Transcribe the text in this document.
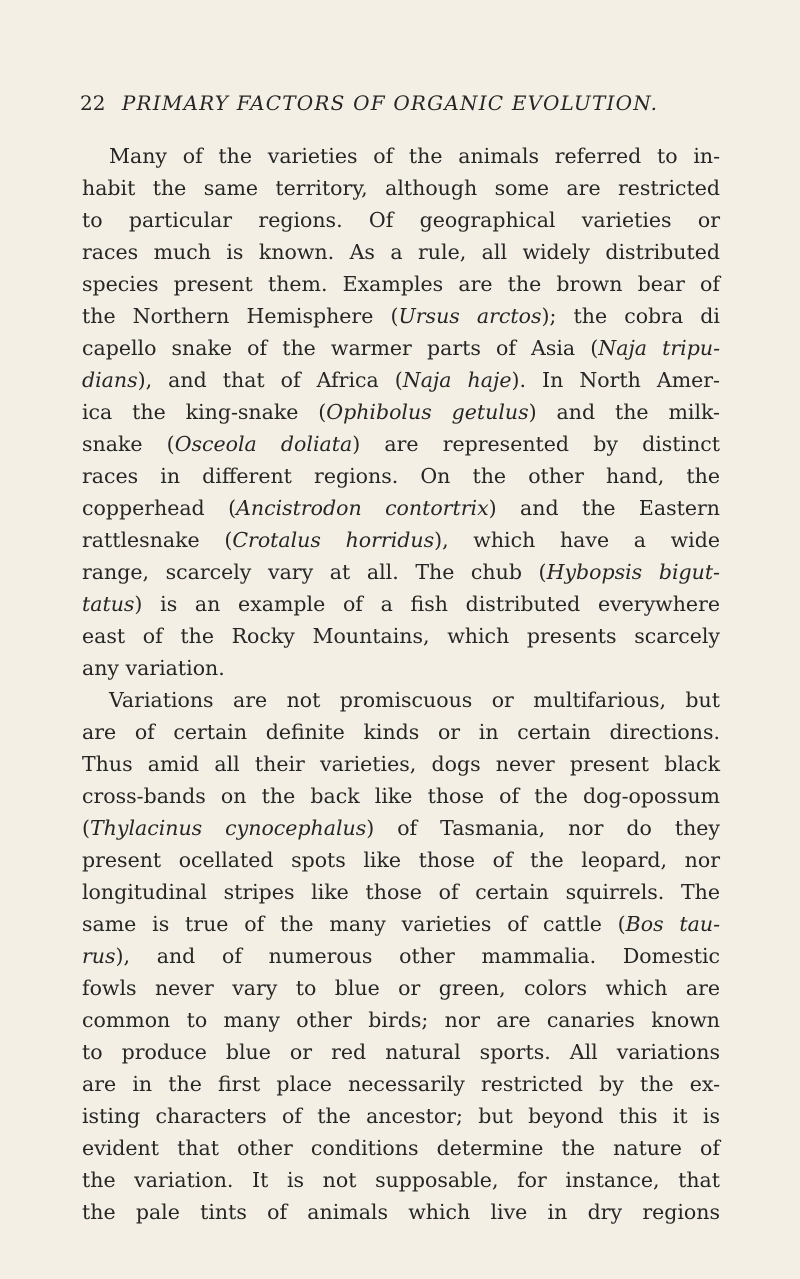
22 PRIMARY FACTORS OF ORGANIC EVOLUTION.
Many of the varieties of the animals referred to in-
habit the same territory, although some are restricted
to particular regions. Of geographical varieties or
races much is known. As a rule, all widely distributed
species present them. Examples are the brown bear of
the Northern Hemisphere (Ursus arctos); the cobra di
capello snake of the warmer parts of Asia (Naja tripu-
dians), and that of Africa (Naja haje). In North Amer-
ica the king-snake (Ophibolus getulus) and the milk-
snake (Osceola doliata) are represented by distinct
races in different regions. On the other hand, the
copperhead (Ancistrodon contortrix) and the Eastern
rattlesnake (Crotalus horridus), which have a wide
range, scarcely vary at all. The chub (Hybopsis bigut-
tatus) is an example of a fish distributed everywhere
east of the Rocky Mountains, which presents scarcely
any variation.
Variations are not promiscuous or multifarious, but
are of certain definite kinds or in certain directions.
Thus amid all their varieties, dogs never present black
cross-bands on the back like those of the dog-opossum
(Thylacinus cynocephalus) of Tasmania, nor do they
present ocellated spots like those of the leopard, nor
longitudinal stripes like those of certain squirrels. The
same is true of the many varieties of cattle (Bos tau-
rus), and of numerous other mammalia. Domestic
fowls never vary to blue or green, colors which are
common to many other birds; nor are canaries known
to produce blue or red natural sports. All variations
are in the first place necessarily restricted by the ex-
isting characters of the ancestor; but beyond this it is
evident that other conditions determine the nature of
the variation. It is not supposable, for instance, that
the pale tints of animals which live in dry regions
